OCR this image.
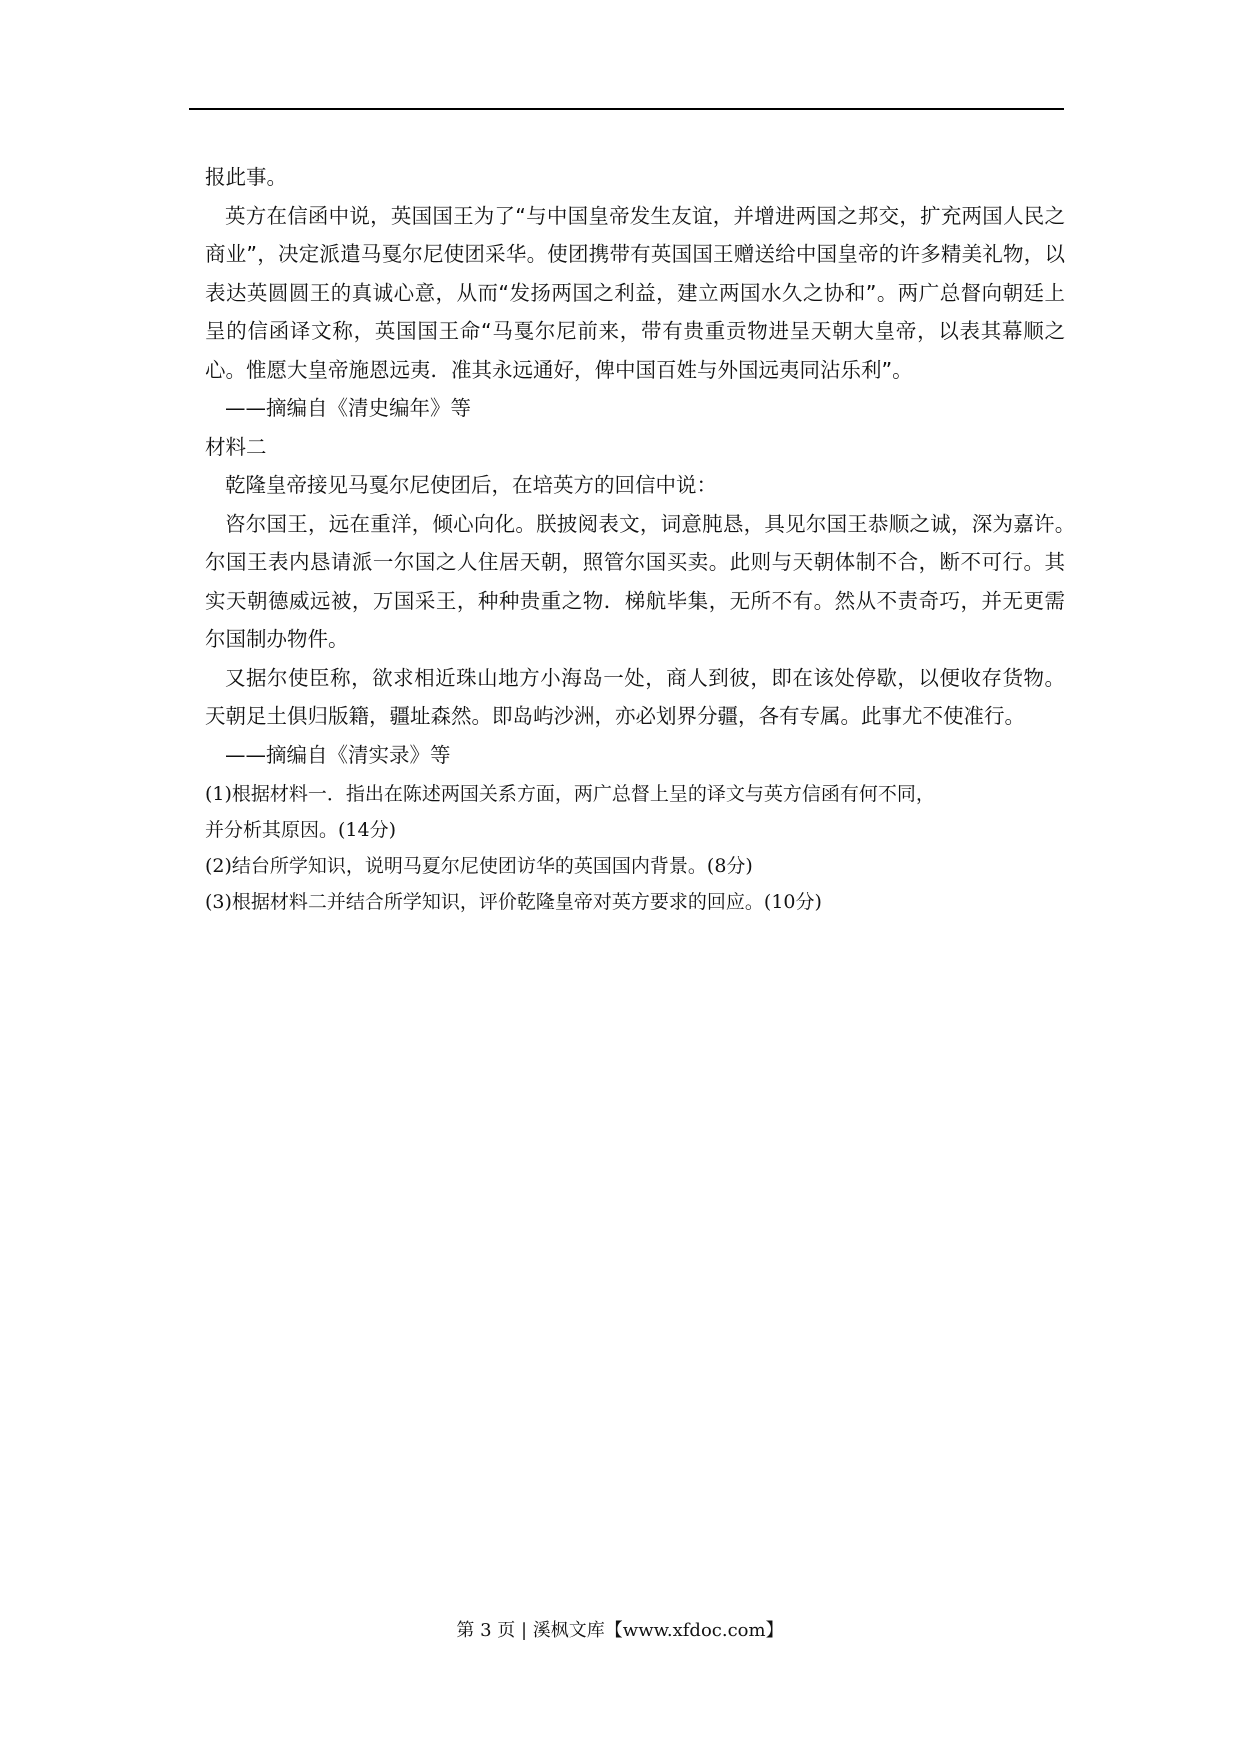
报此事。

英方在信函中说，英国国王为了“与中国皇帝发生友谊，并增进两国之邦交，扩充两国人民之商业”，决定派遣马戛尔尼使团采华。使团携带有英国国王赠送给中国皇帝的许多精美礼物，以表达英圆圆王的真诚心意，从而“发扬两国之利益，建立两国水久之协和”。两广总督向朝廷上呈的信函译文称，英国国王命“马戛尔尼前来，带有贵重贡物进呈天朝大皇帝，以表其幕顺之心。惟愿大皇帝施恩远夷．准其永远通好，俾中国百姓与外国远夷同沾乐利”。

——摘编自《清史编年》等

材料二

乾隆皇帝接见马戛尔尼使团后，在培英方的回信中说：

咨尔国王，远在重洋，倾心向化。朕披阅表文，词意肫恳，具见尔国王恭顺之诚，深为嘉许。　尔国王表内恳请派一尔国之人住居天朝，照管尔国买卖。此则与天朝体制不合，断不可行。其实天朝德威远被，万国采王，种种贵重之物．梯航毕集，无所不有。然从不责奇巧，并无更需尔国制办物件。

又据尔使臣称，欲求相近珠山地方小海岛一处，商人到彼，即在该处停歇，以便收存货物。天朝足土俱归版籍，疆址森然。即岛屿沙洲，亦必划界分疆，各有专属。此事尤不使准行。

——摘编自《清实录》等

(1)根据材料一．指出在陈述两国关系方面，两广总督上呈的译文与英方信函有何不同，

并分析其原因。(14分)

(2)结台所学知识，说明马夏尔尼使团访华的英国国内背景。(8分)

(3)根据材料二并结合所学知识，评价乾隆皇帝对英方要求的回应。(10分)

第 3 页 | 溪枫文库【www.xfdoc.com】
